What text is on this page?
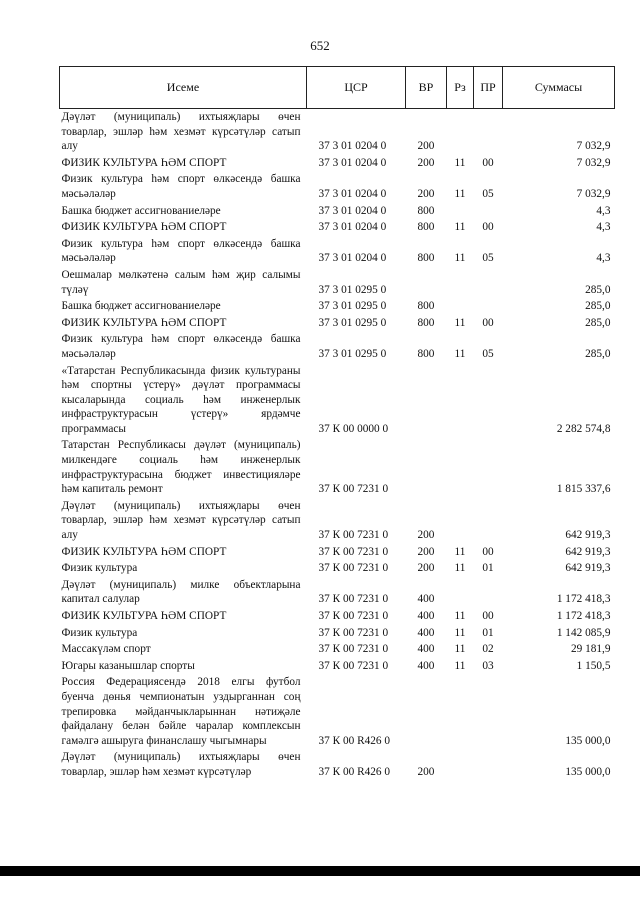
652
Исеме	ЦСР	ВР	Рз	ПР	Суммасы
Дәүләт (муниципаль) ихтыяҗлары өчен товарлар, эшләр һәм хезмәт күрсәтүләр сатып алу	37 3 01 0204 0	200			7 032,9
ФИЗИК КУЛЬТУРА ҺӘМ СПОРТ	37 3 01 0204 0	200	11	00	7 032,9
Физик культура һәм спорт өлкәсендә башка мәсьәләләр	37 3 01 0204 0	200	11	05	7 032,9
Башка бюджет ассигнованиеләре	37 3 01 0204 0	800			4,3
ФИЗИК КУЛЬТУРА ҺӘМ СПОРТ	37 3 01 0204 0	800	11	00	4,3
Физик культура һәм спорт өлкәсендә башка мәсьәләләр	37 3 01 0204 0	800	11	05	4,3
Оешмалар мөлкәтенә салым һәм җир салымы түләү	37 3 01 0295 0				285,0
Башка бюджет ассигнованиеләре	37 3 01 0295 0	800			285,0
ФИЗИК КУЛЬТУРА ҺӘМ СПОРТ	37 3 01 0295 0	800	11	00	285,0
Физик культура һәм спорт өлкәсендә башка мәсьәләләр	37 3 01 0295 0	800	11	05	285,0
«Татарстан Республикасында физик культураны һәм спортны үстерү» дәүләт программасы кысаларында социаль һәм инженерлык инфраструктурасын үстерү» ярдәмче программасы	37 К 00 0000 0				2 282 574,8
Татарстан Республикасы дәүләт (муниципаль) милкендәге социаль һәм инженерлык инфраструктурасына бюджет инвестицияләре һәм капиталь ремонт	37 К 00 7231 0				1 815 337,6
Дәүләт (муниципаль) ихтыяҗлары өчен товарлар, эшләр һәм хезмәт күрсәтүләр сатып алу	37 К 00 7231 0	200			642 919,3
ФИЗИК КУЛЬТУРА ҺӘМ СПОРТ	37 К 00 7231 0	200	11	00	642 919,3
Физик культура	37 К 00 7231 0	200	11	01	642 919,3
Дәүләт (муниципаль) милке объектларына капитал салулар	37 К 00 7231 0	400			1 172 418,3
ФИЗИК КУЛЬТУРА ҺӘМ СПОРТ	37 К 00 7231 0	400	11	00	1 172 418,3
Физик культура	37 К 00 7231 0	400	11	01	1 142 085,9
Массакүләм спорт	37 К 00 7231 0	400	11	02	29 181,9
Югары казанышлар спорты	37 К 00 7231 0	400	11	03	1 150,5
Россия Федерациясендә 2018 елгы футбол буенча дөнья чемпионатын уздырганнан соң трепировка мәйданчыкларыннан нәтиҗәле файдалану белән бәйле чаралар комплексын гамәлгә ашыруга финанслашу чыгымнары	37 К 00 R426 0				135 000,0
Дәүләт (муниципаль) ихтыяҗлары өчен товарлар, эшләр һәм хезмәт күрсәтүләр	37 К 00 R426 0	200			135 000,0
